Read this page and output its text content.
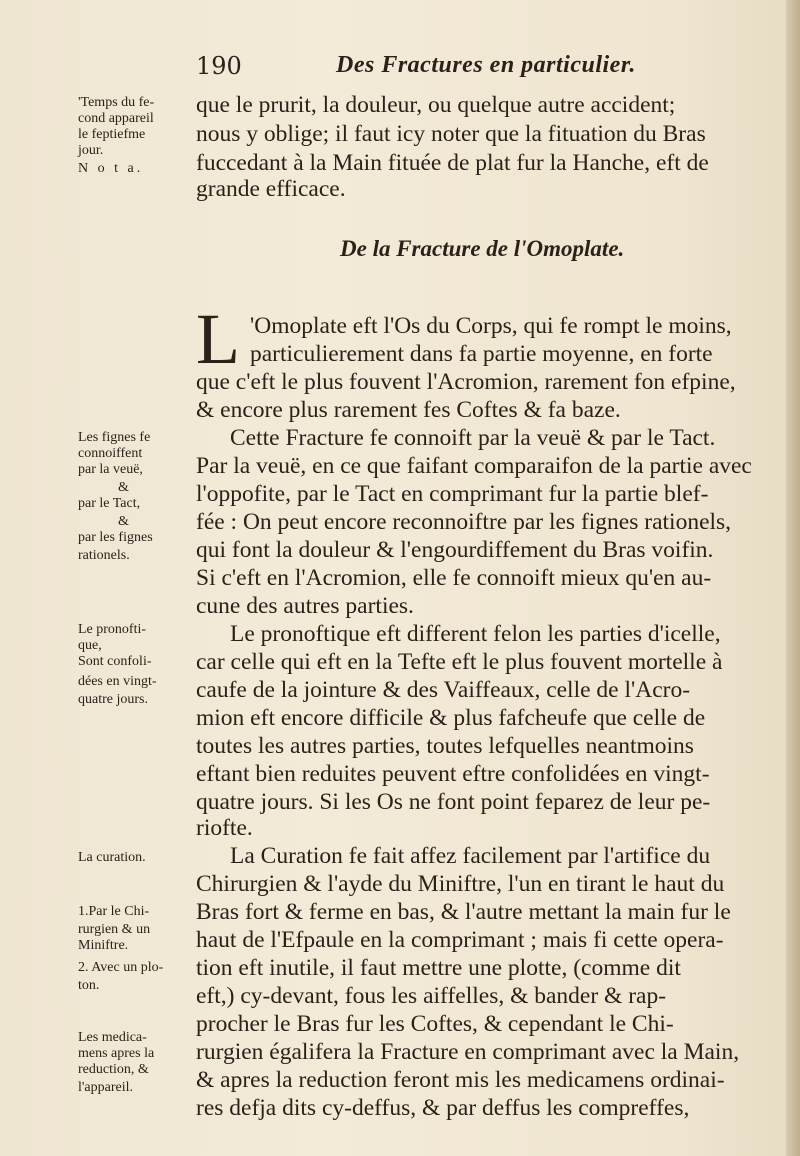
190	Des Fractures en particulier.
que le prurit, la douleur, ou quelque autre accident;
nous y oblige; il faut icy noter que la fituation du Bras
fuccedant à la Main fituée de plat fur la Hanche, eft de
grande efficace.
De la Fracture de l'Omoplate.
L 'Omoplate eft l'Os du Corps, qui fe rompt le moins,
particulierement dans fa partie moyenne, en forte
que c'eft le plus fouvent l'Acromion, rarement fon efpine,
& encore plus rarement fes Coftes & fa baze.
Cette Fracture fe connoift par la veuë & par le Tact.
Par la veuë, en ce que faifant comparaifon de la partie avec
l'oppofite, par le Tact en comprimant fur la partie blef-
fée : On peut encore reconnoiftre par les fignes rationels,
qui font la douleur & l'engourdiffement du Bras voifin.
Si c'eft en l'Acromion, elle fe connoift mieux qu'en au-
cune des autres parties.
Le pronoftique eft different felon les parties d'icelle,
car celle qui eft en la Tefte eft le plus fouvent mortelle à
caufe de la jointure & des Vaiffeaux, celle de l'Acro-
mion eft encore difficile & plus fafcheufe que celle de
toutes les autres parties, toutes lefquelles neantmoins
eftant bien reduites peuvent eftre confolidées en vingt-
quatre jours. Si les Os ne font point feparez de leur pe-
riofte.
La Curation fe fait affez facilement par l'artifice du
Chirurgien & l'ayde du Miniftre, l'un en tirant le haut du
Bras fort & ferme en bas, & l'autre mettant la main fur le
haut de l'Efpaule en la comprimant ; mais fi cette opera-
tion eft inutile, il faut mettre une plotte, (comme dit
eft,) cy-devant, fous les aiffelles, & bander & rap-
procher le Bras fur les Coftes, & cependant le Chi-
rurgien égalifera la Fracture en comprimant avec la Main,
& apres la reduction feront mis les medicamens ordinai-
res defja dits cy-deffus, & par deffus les compreffes,
'Temps du fe-
cond appareil
le feptiefme
jour.
N o t a.
Les fignes fe
connoiffent
par la veuë,
&
par le Tact,
&
par les fignes
rationels.
Le pronofti-
que,
Sont confoli-
dées en vingt-
quatre jours.
La curation.
1.Par le Chi-
rurgien & un
Miniftre.
2. Avec un plo-
ton.
Les medica-
mens apres la
reduction, &
l'appareil.
